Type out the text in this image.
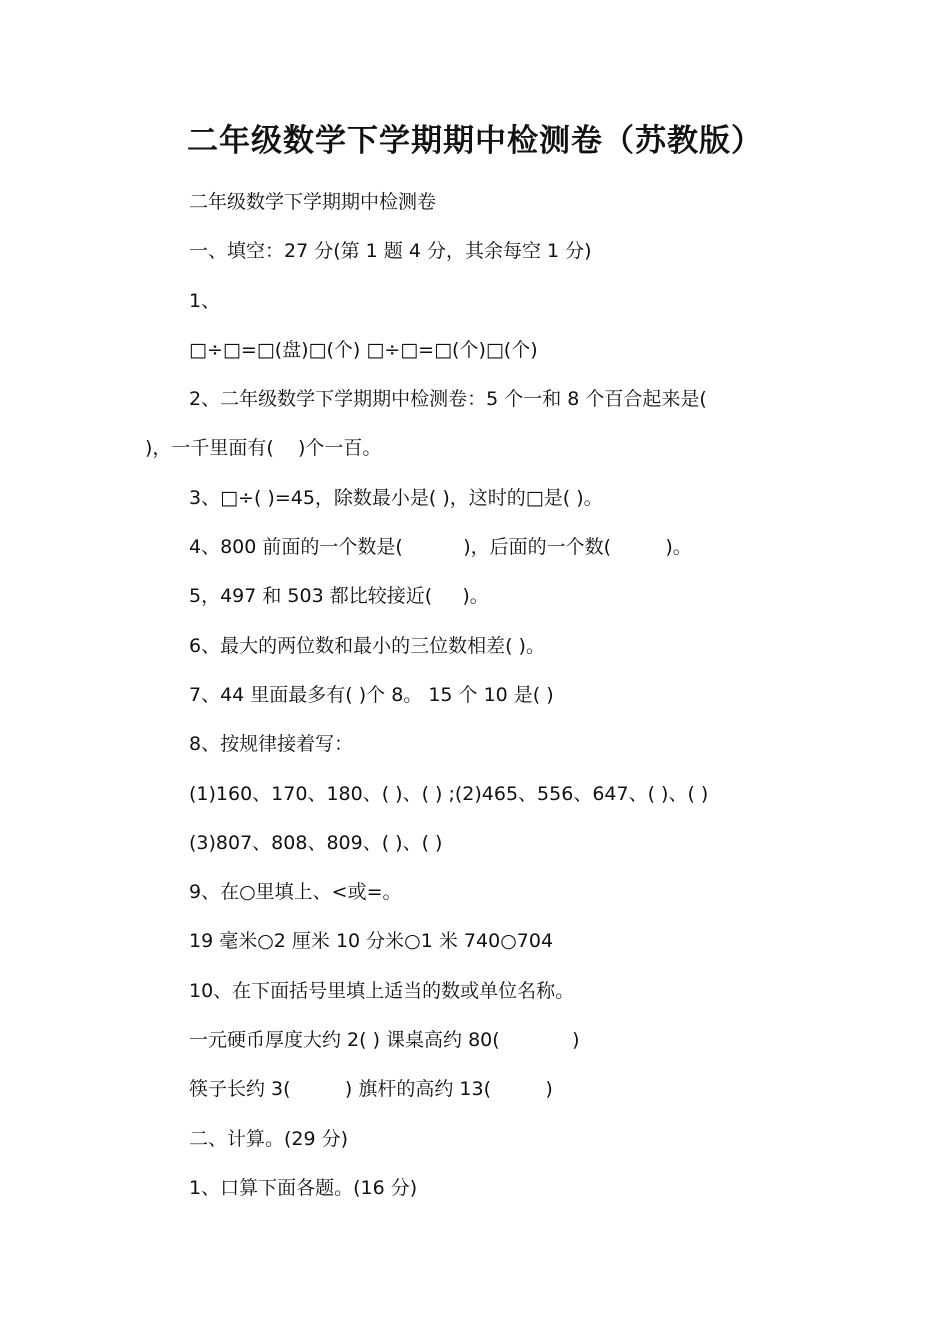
二年级数学下学期期中检测卷（苏教版）

二年级数学下学期期中检测卷

一、填空：27 分(第 1 题 4 分，其余每空 1 分)

1、

□÷□=□(盘)□(个) □÷□=□(个)□(个)

2、二年级数学下学期期中检测卷：5 个一和 8 个百合起来是(

)，一千里面有(    )个一百。

3、□÷( )=45，除数最小是( )，这时的□是( )。

4、800 前面的一个数是(          )，后面的一个数(         )。

5，497 和 503 都比较接近(     )。

6、最大的两位数和最小的三位数相差( )。

7、44 里面最多有( )个 8。 15 个 10 是( )

8、按规律接着写：

(1)160、170、180、( )、( ) ;(2)465、556、647、( )、( )

(3)807、808、809、( )、( )

9、在○里填上、<或=。

19 毫米○2 厘米 10 分米○1 米 740○704

10、在下面括号里填上适当的数或单位名称。

一元硬币厚度大约 2( ) 课桌高约 80(            )

筷子长约 3(         ) 旗杆的高约 13(         )

二、计算。(29 分)

1、口算下面各题。(16 分)
